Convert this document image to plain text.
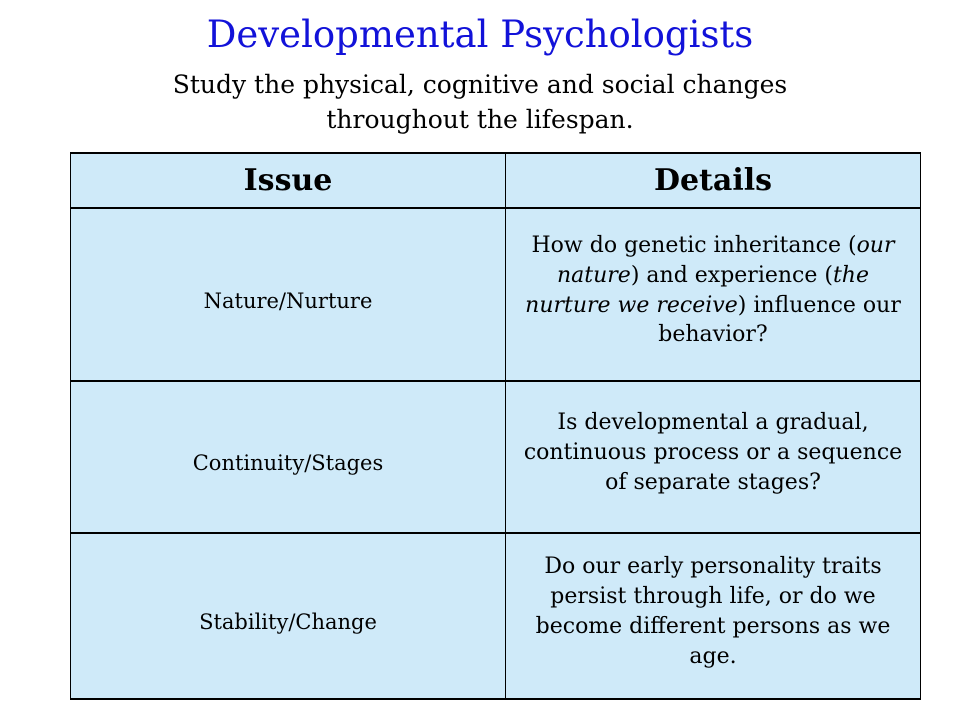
Developmental Psychologists
Study the physical, cognitive and social changes throughout the lifespan.
Issue	Details

Nature/Nurture	How do genetic inheritance (our nature) and experience (the nurture we receive) influence our behavior?

Continuity/Stages	Is developmental a gradual, continuous process or a sequence of separate stages?

Stability/Change	Do our early personality traits persist through life, or do we become different persons as we age.
